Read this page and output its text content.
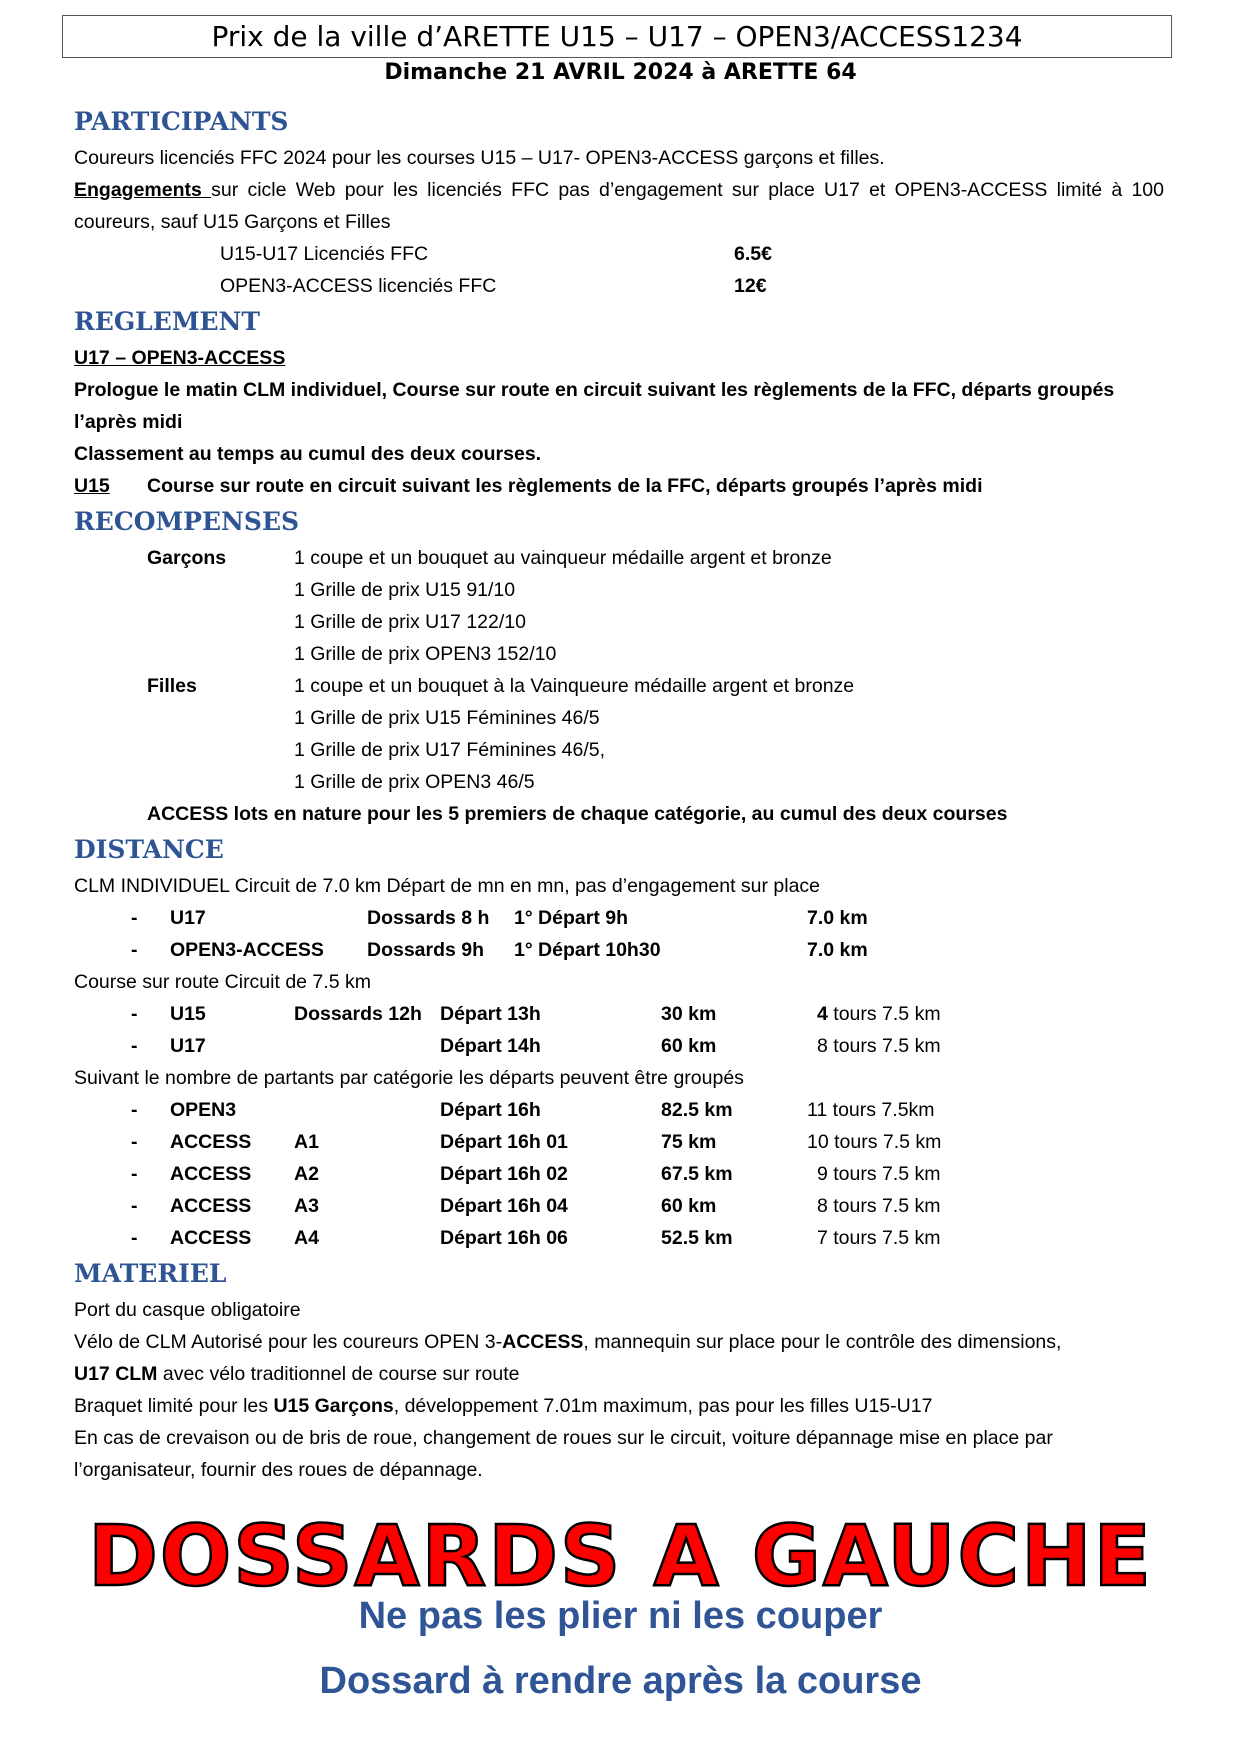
Prix de la ville d’ARETTE U15 – U17 – OPEN3/ACCESS1234
Dimanche 21 AVRIL 2024 à ARETTE 64
PARTICIPANTS
Coureurs licenciés FFC 2024 pour les courses U15 – U17- OPEN3-ACCESS garçons et filles.
Engagements sur cicle Web pour les licenciés FFC pas d’engagement sur place U17 et OPEN3-ACCESS limité à 100 coureurs, sauf U15 Garçons et Filles
U15-U17 Licenciés FFC	6.5€
OPEN3-ACCESS licenciés FFC	12€
REGLEMENT
U17 – OPEN3-ACCESS
Prologue le matin CLM individuel, Course sur route en circuit suivant les règlements de la FFC, départs groupés l’après midi
Classement au temps au cumul des deux courses.
U15 Course sur route en circuit suivant les règlements de la FFC, départs groupés l’après midi
RECOMPENSES
Garçons	1 coupe et un bouquet au vainqueur médaille argent et bronze
1 Grille de prix U15 91/10
1 Grille de prix U17 122/10
1 Grille de prix OPEN3 152/10
Filles	1 coupe et un bouquet à la Vainqueure médaille argent et bronze
1 Grille de prix U15 Féminines 46/5
1 Grille de prix U17 Féminines 46/5,
1 Grille de prix OPEN3 46/5
ACCESS lots en nature pour les 5 premiers de chaque catégorie, au cumul des deux courses
DISTANCE
CLM INDIVIDUEL Circuit de 7.0 km Départ de mn en mn, pas d’engagement sur place
- U17	Dossards 8 h 1° Départ 9h	7.0 km
- OPEN3-ACCESS Dossards 9h 1° Départ 10h30	7.0 km
Course sur route Circuit de 7.5 km
- U15	Dossards 12h Départ 13h	30 km	4 tours 7.5 km
- U17	Départ 14h	60 km	8 tours 7.5 km
Suivant le nombre de partants par catégorie les départs peuvent être groupés
- OPEN3	Départ 16h	82.5 km	11 tours 7.5km
- ACCESS A1	Départ 16h 01	75 km	10 tours 7.5 km
- ACCESS A2	Départ 16h 02	67.5 km	9 tours 7.5 km
- ACCESS A3	Départ 16h 04	60 km	8 tours 7.5 km
- ACCESS A4	Départ 16h 06	52.5 km	7 tours 7.5 km
MATERIEL
Port du casque obligatoire
Vélo de CLM Autorisé pour les coureurs OPEN 3-ACCESS, mannequin sur place pour le contrôle des dimensions,
U17 CLM avec vélo traditionnel de course sur route
Braquet limité pour les U15 Garçons, développement 7.01m maximum, pas pour les filles U15-U17
En cas de crevaison ou de bris de roue, changement de roues sur le circuit, voiture dépannage mise en place par l’organisateur, fournir des roues de dépannage.
DOSSARDS A GAUCHE
Ne pas les plier ni les couper
Dossard à rendre après la course
